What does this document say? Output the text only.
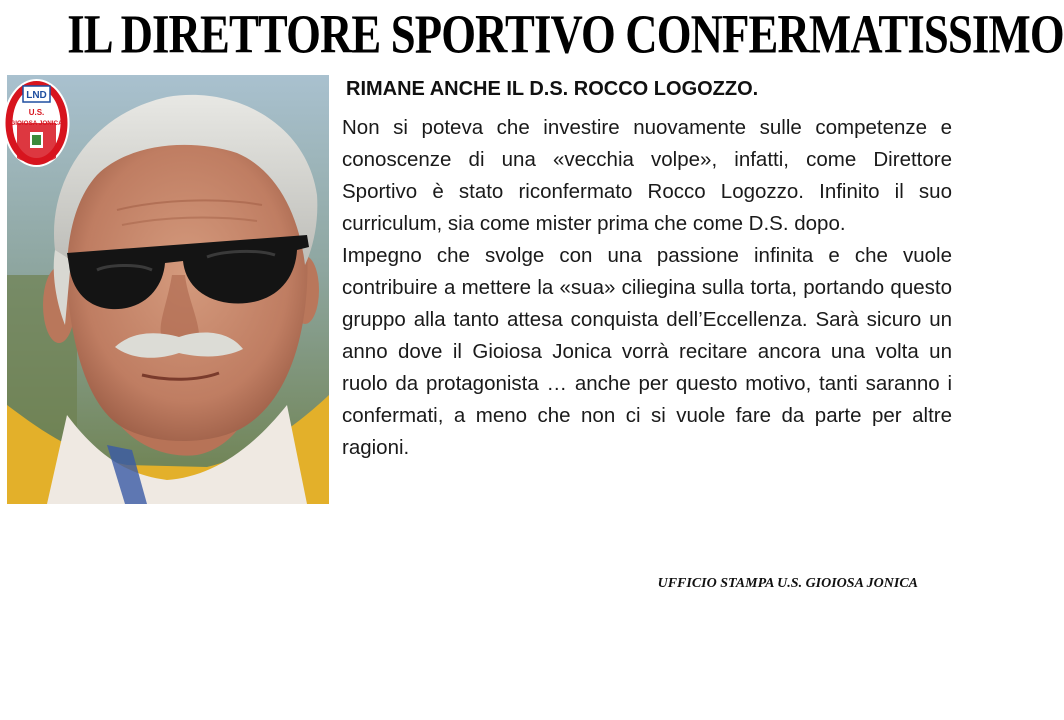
IL DIRETTORE SPORTIVO CONFERMATISSIMO
LND
U.S.
GIOIOSA JONICA
RIMANE ANCHE IL D.S. ROCCO LOGOZZO.

Non si poteva che investire nuovamente sulle competenze e conoscenze di una «vecchia volpe», infatti, come Direttore Sportivo è stato riconfermato Rocco Logozzo. Infinito il suo curriculum, sia come mister prima che come D.S. dopo.

Impegno che svolge con una passione infinita e che vuole contribuire a mettere la «sua» ciliegina sulla torta, portando questo gruppo alla tanto attesa conquista dell’Eccellenza. Sarà sicuro un anno dove il Gioiosa Jonica vorrà recitare ancora una volta un ruolo da protagonista … anche per questo motivo, tanti saranno i confermati, a meno che non ci si vuole fare da parte per altre ragioni.

UFFICIO STAMPA U.S. GIOIOSA JONICA
